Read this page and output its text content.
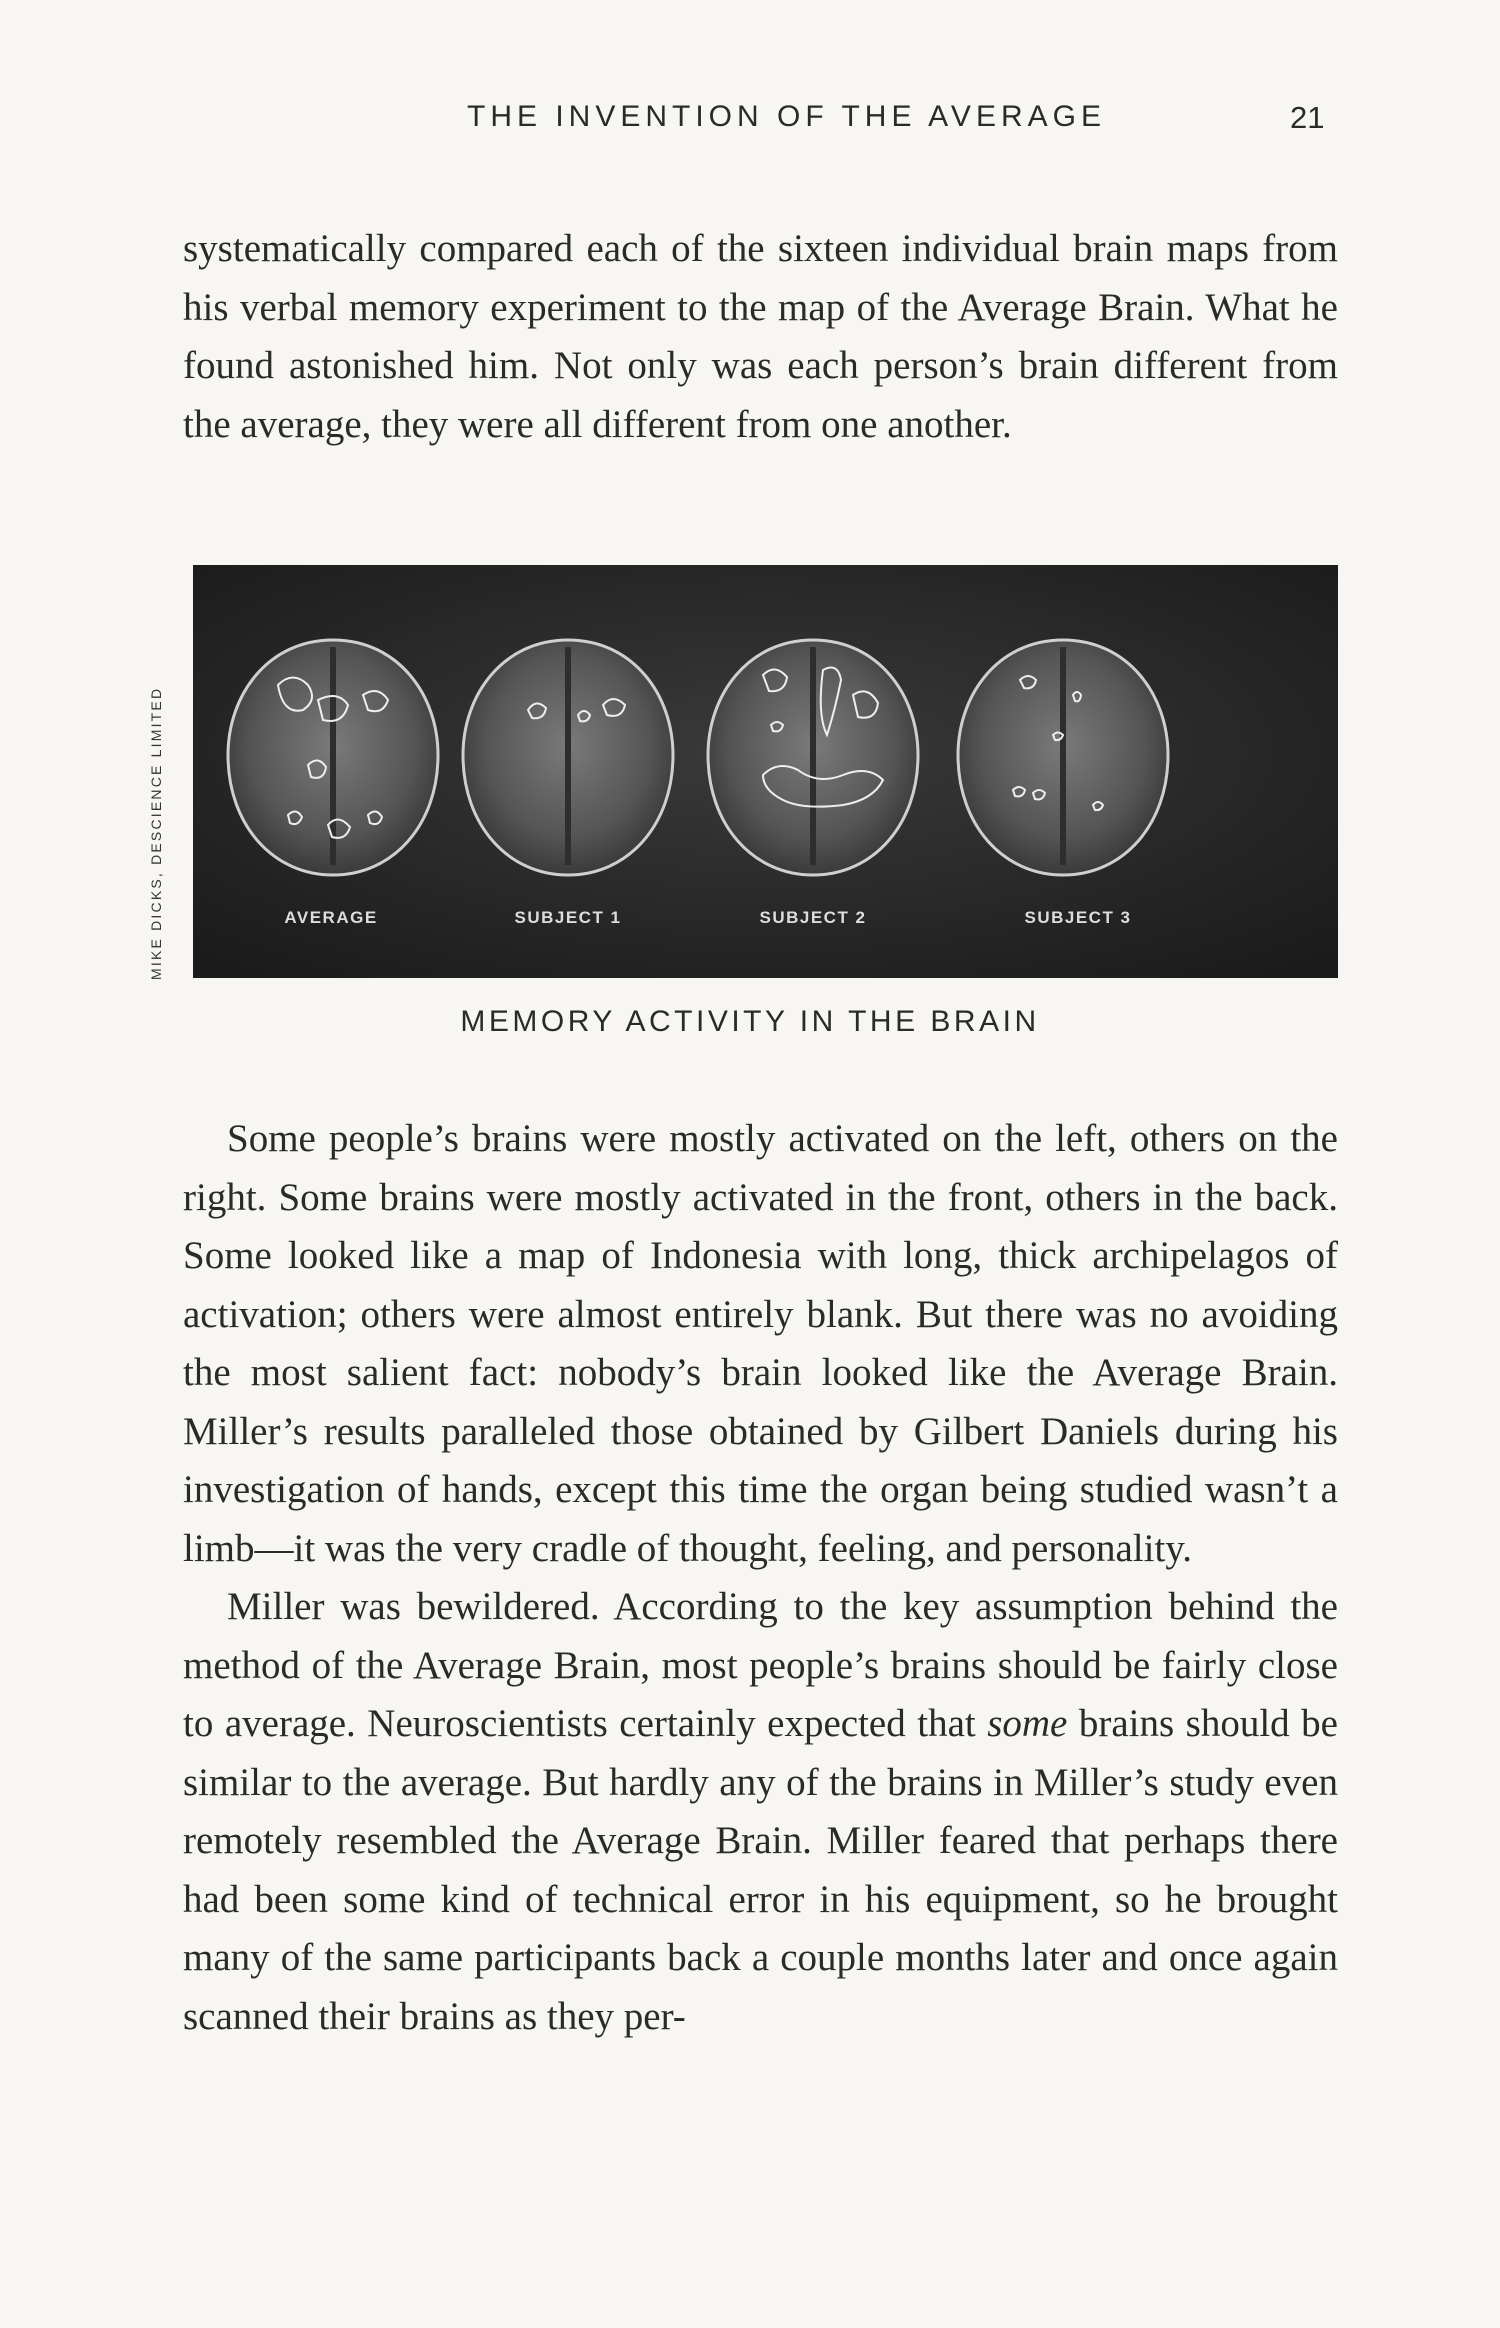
THE INVENTION OF THE AVERAGE	21

systematically compared each of the sixteen individual brain maps from his verbal memory experiment to the map of the Average Brain. What he found astonished him. Not only was each person’s brain different from the average, they were all different from one another.

MIKE DICKS, DESCIENCE LIMITED	AVERAGE	SUBJECT 1	SUBJECT 2	SUBJECT 3
MEMORY ACTIVITY IN THE BRAIN

Some people’s brains were mostly activated on the left, others on the right. Some brains were mostly activated in the front, others in the back. Some looked like a map of Indonesia with long, thick archipelagos of activation; others were almost entirely blank. But there was no avoiding the most salient fact: nobody’s brain looked like the Average Brain. Miller’s results paralleled those obtained by Gilbert Daniels during his investigation of hands, except this time the organ being studied wasn’t a limb—it was the very cradle of thought, feeling, and personality.

Miller was bewildered. According to the key assumption behind the method of the Average Brain, most people’s brains should be fairly close to average. Neuroscientists certainly expected that some brains should be similar to the average. But hardly any of the brains in Miller’s study even remotely resembled the Average Brain. Miller feared that perhaps there had been some kind of technical error in his equipment, so he brought many of the same participants back a couple months later and once again scanned their brains as they per-
